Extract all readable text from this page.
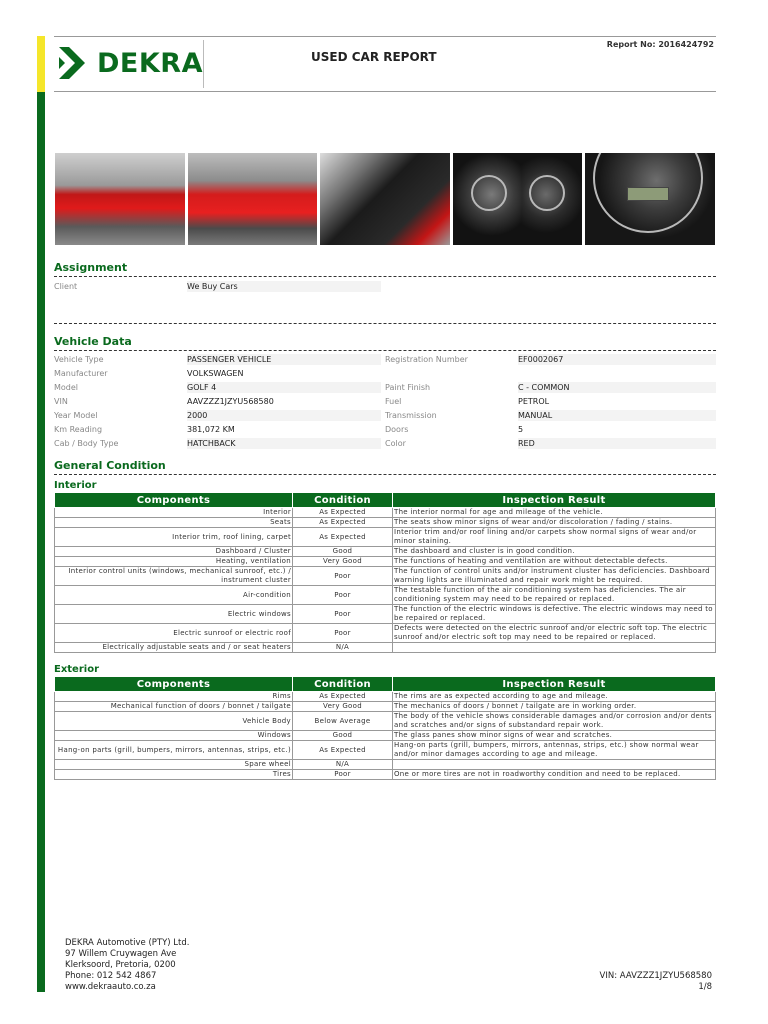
DEKRA	USED CAR REPORT
Report No: 2016424792
Assignment
Client	We Buy Cars
Vehicle Data
Vehicle Type	PASSENGER VEHICLE	Registration Number	EF0002067
Manufacturer	VOLKSWAGEN
Model	GOLF 4	Paint Finish	C - COMMON
VIN	AAVZZZ1JZYU568580	Fuel	PETROL
Year Model	2000	Transmission	MANUAL
Km Reading	381,072 KM	Doors	5
Cab / Body Type	HATCHBACK	Color	RED
General Condition
Interior
Components	Condition	Inspection Result
Interior	As Expected	The interior normal for age and mileage of the vehicle.
Seats	As Expected	The seats show minor signs of wear and/or discoloration / fading / stains.
Interior trim, roof lining, carpet	As Expected	Interior trim and/or roof lining and/or carpets show normal signs of wear and/or minor staining.
Dashboard / Cluster	Good	The dashboard and cluster is in good condition.
Heating, ventilation	Very Good	The functions of heating and ventilation are without detectable defects.
Interior control units (windows, mechanical sunroof, etc.) / instrument cluster	Poor	The function of control units and/or instrument cluster has deficiencies. Dashboard warning lights are illuminated and repair work might be required.
Air-condition	Poor	The testable function of the air conditioning system has deficiencies. The air conditioning system may need to be repaired or replaced.
Electric windows	Poor	The function of the electric windows is defective. The electric windows may need to be repaired or replaced.
Electric sunroof or electric roof	Poor	Defects were detected on the electric sunroof and/or electric soft top. The electric sunroof and/or electric soft top may need to be repaired or replaced.
Electrically adjustable seats and / or seat heaters	N/A	
Exterior
Components	Condition	Inspection Result
Rims	As Expected	The rims are as expected according to age and mileage.
Mechanical function of doors / bonnet / tailgate	Very Good	The mechanics of doors / bonnet / tailgate are in working order.
Vehicle Body	Below Average	The body of the vehicle shows considerable damages and/or corrosion and/or dents and scratches and/or signs of substandard repair work.
Windows	Good	The glass panes show minor signs of wear and scratches.
Hang-on parts (grill, bumpers, mirrors, antennas, strips, etc.)	As Expected	Hang-on parts (grill, bumpers, mirrors, antennas, strips, etc.) show normal wear and/or minor damages according to age and mileage.
Spare wheel	N/A	
Tires	Poor	One or more tires are not in roadworthy condition and need to be replaced.
DEKRA Automotive (PTY) Ltd.
97 Willem Cruywagen Ave
Klerksoord, Pretoria, 0200
Phone: 012 542 4867
www.dekraauto.co.za
VIN: AAVZZZ1JZYU568580
1/8
